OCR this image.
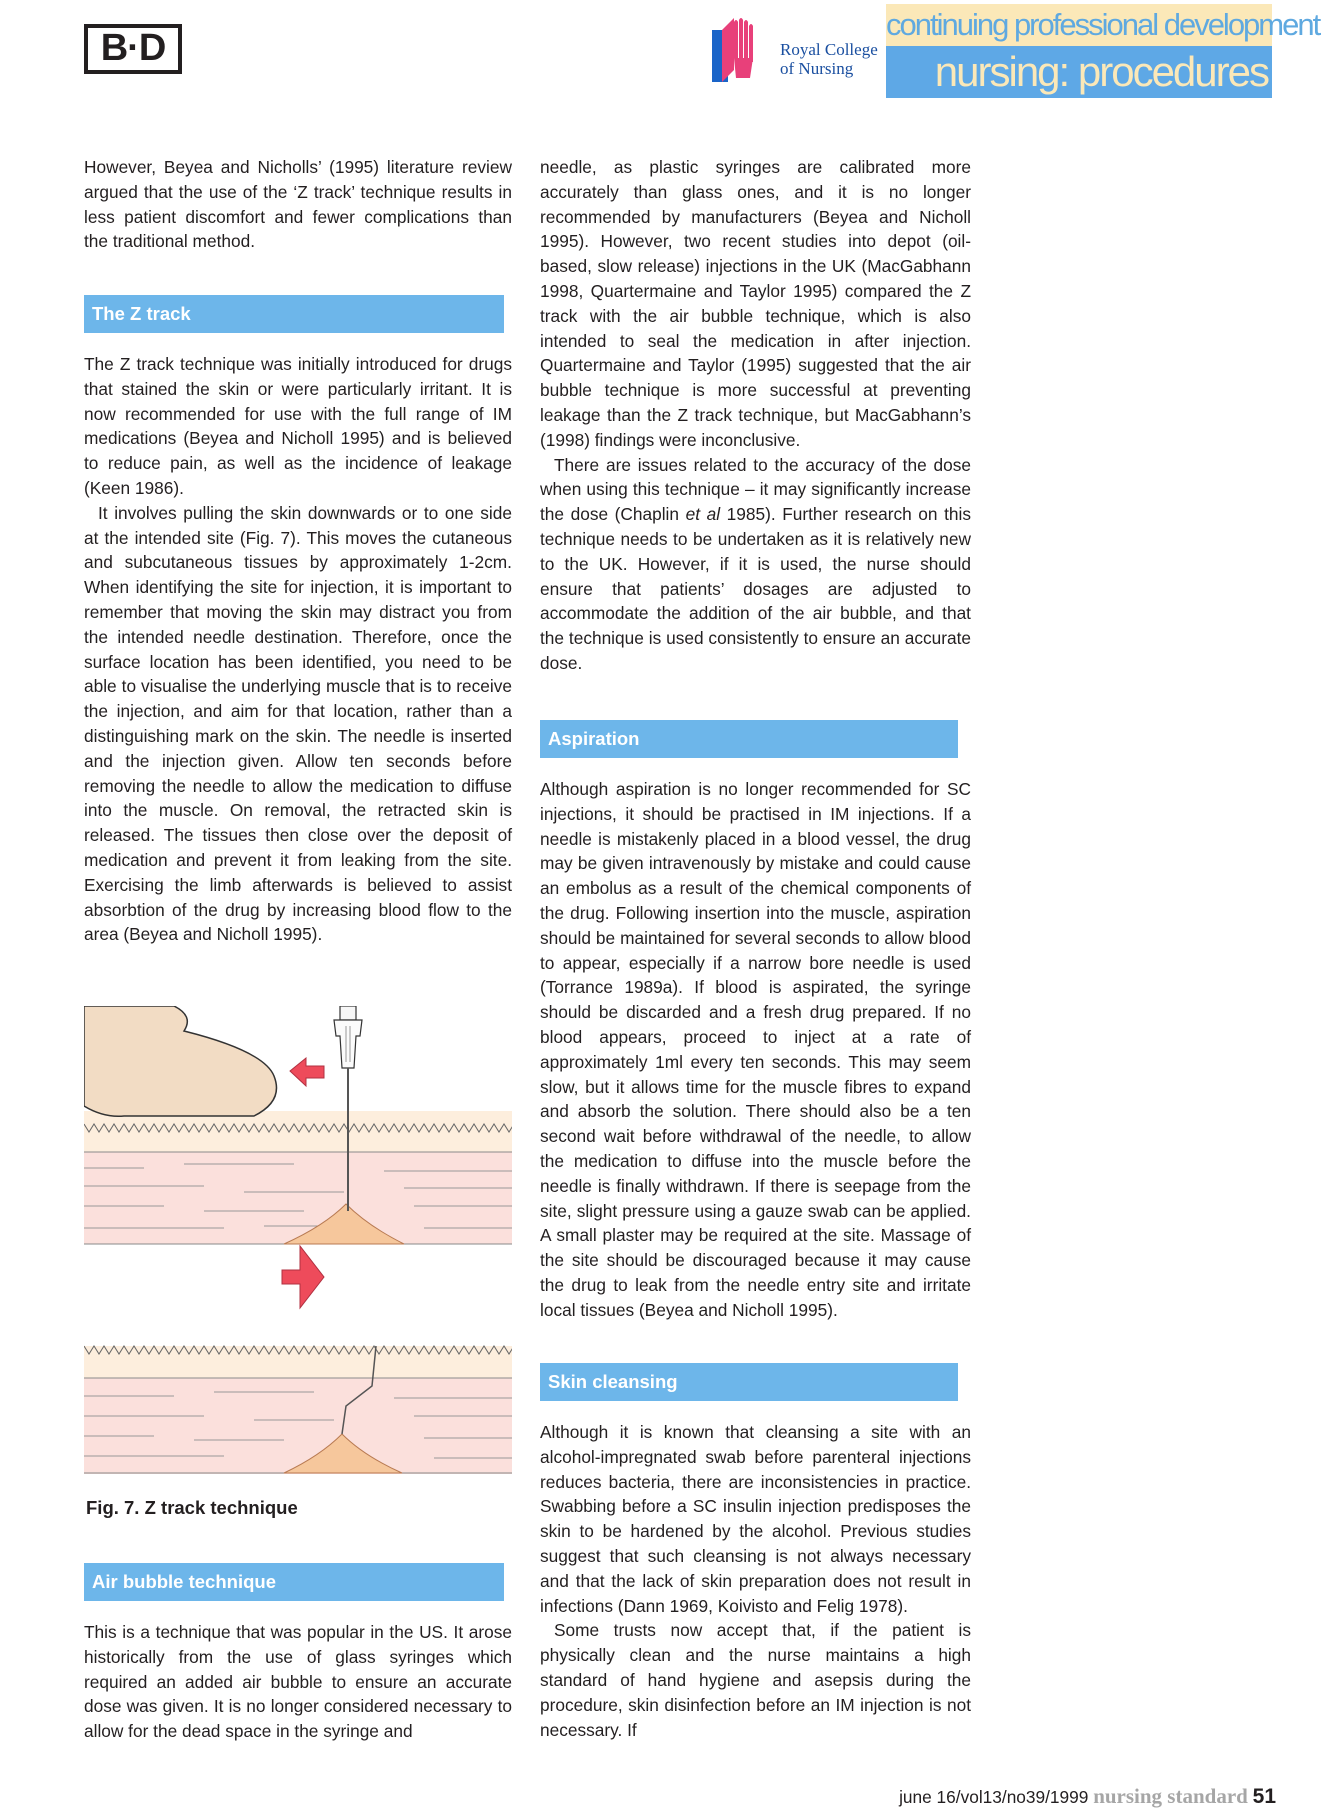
B·D	Royal College
of Nursing
continuing professional development
nursing: procedures

However, Beyea and Nicholls’ (1995) literature review argued that the use of the ‘Z track’ technique results in less patient discomfort and fewer complications than the traditional method.

The Z track

The Z track technique was initially introduced for drugs that stained the skin or were particularly irritant. It is now recommended for use with the full range of IM medications (Beyea and Nicholl 1995) and is believed to reduce pain, as well as the incidence of leakage (Keen 1986).

It involves pulling the skin downwards or to one side at the intended site (Fig. 7). This moves the cutaneous and subcutaneous tissues by approximately 1-2cm. When identifying the site for injection, it is important to remember that moving the skin may distract you from the intended needle destination. Therefore, once the surface location has been identified, you need to be able to visualise the underlying muscle that is to receive the injection, and aim for that location, rather than a distinguishing mark on the skin. The needle is inserted and the injection given. Allow ten seconds before removing the needle to allow the medication to diffuse into the muscle. On removal, the retracted skin is released. The tissues then close over the deposit of medication and prevent it from leaking from the site. Exercising the limb afterwards is believed to assist absorbtion of the drug by increasing blood flow to the area (Beyea and Nicholl 1995).

Fig. 7. Z track technique
Air bubble technique

This is a technique that was popular in the US. It arose historically from the use of glass syringes which required an added air bubble to ensure an accurate dose was given. It is no longer considered necessary to allow for the dead space in the syringe and

needle, as plastic syringes are calibrated more accurately than glass ones, and it is no longer recommended by manufacturers (Beyea and Nicholl 1995). However, two recent studies into depot (oil-based, slow release) injections in the UK (MacGabhann 1998, Quartermaine and Taylor 1995) compared the Z track with the air bubble technique, which is also intended to seal the medication in after injection. Quartermaine and Taylor (1995) suggested that the air bubble technique is more successful at preventing leakage than the Z track technique, but MacGabhann’s (1998) findings were inconclusive.

There are issues related to the accuracy of the dose when using this technique – it may significantly increase the dose (Chaplin et al 1985). Further research on this technique needs to be undertaken as it is relatively new to the UK. However, if it is used, the nurse should ensure that patients’ dosages are adjusted to accommodate the addition of the air bubble, and that the technique is used consistently to ensure an accurate dose.

Aspiration

Although aspiration is no longer recommended for SC injections, it should be practised in IM injections. If a needle is mistakenly placed in a blood vessel, the drug may be given intravenously by mistake and could cause an embolus as a result of the chemical components of the drug. Following insertion into the muscle, aspiration should be maintained for several seconds to allow blood to appear, especially if a narrow bore needle is used (Torrance 1989a). If blood is aspirated, the syringe should be discarded and a fresh drug prepared. If no blood appears, proceed to inject at a rate of approximately 1ml every ten seconds. This may seem slow, but it allows time for the muscle fibres to expand and absorb the solution. There should also be a ten second wait before withdrawal of the needle, to allow the medication to diffuse into the muscle before the needle is finally withdrawn. If there is seepage from the site, slight pressure using a gauze swab can be applied. A small plaster may be required at the site. Massage of the site should be discouraged because it may cause the drug to leak from the needle entry site and irritate local tissues (Beyea and Nicholl 1995).

Skin cleansing

Although it is known that cleansing a site with an alcohol-impregnated swab before parenteral injections reduces bacteria, there are inconsistencies in practice. Swabbing before a SC insulin injection predisposes the skin to be hardened by the alcohol. Previous studies suggest that such cleansing is not always necessary and that the lack of skin preparation does not result in infections (Dann 1969, Koivisto and Felig 1978).

Some trusts now accept that, if the patient is physically clean and the nurse maintains a high standard of hand hygiene and asepsis during the procedure, skin disinfection before an IM injection is not necessary. If

june 16/vol13/no39/1999 nursing standard 51
